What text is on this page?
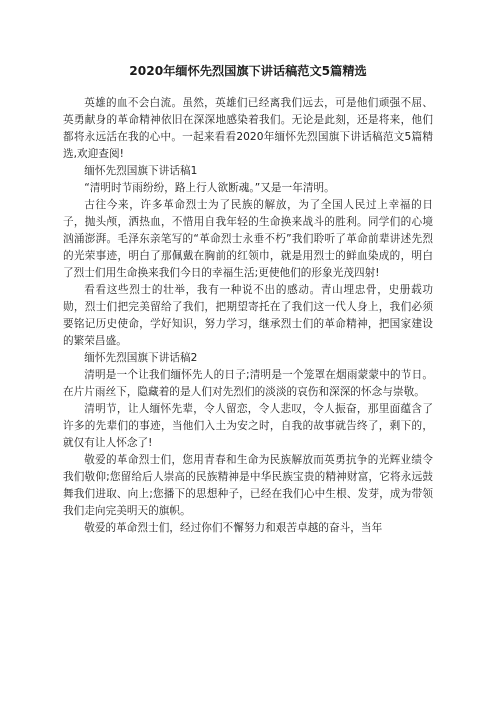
2020年缅怀先烈国旗下讲话稿范文5篇精选

英雄的血不会白流。虽然，英雄们已经离我们远去，可是他们顽强不屈、英勇献身的革命精神依旧在深深地感染着我们。无论是此刻，还是将来，他们都将永远活在我的心中。一起来看看2020年缅怀先烈国旗下讲话稿范文5篇精选,欢迎查阅!

缅怀先烈国旗下讲话稿1

“清明时节雨纷纷，路上行人欲断魂。”又是一年清明。

古往今来，许多革命烈士为了民族的解放，为了全国人民过上幸福的日子，抛头颅，洒热血，不惜用自我年轻的生命换来战斗的胜利。同学们的心境汹涌澎湃。毛泽东亲笔写的“革命烈士永垂不朽”我们聆听了革命前辈讲述先烈的光荣事迹，明白了那佩戴在胸前的红领巾，就是用烈士的鲜血染成的，明白了烈士们用生命换来我们今日的幸福生活;更使他们的形象光茂四射!

看看这些烈士的壮举，我有一种说不出的感动。青山埋忠骨，史册载功勋，烈士们把完美留给了我们，把期望寄托在了我们这一代人身上，我们必须要铭记历史使命，学好知识，努力学习，继承烈士们的革命精神，把国家建设的繁荣昌盛。

缅怀先烈国旗下讲话稿2

清明是一个让我们缅怀先人的日子;清明是一个笼罩在烟雨蒙蒙中的节日。在片片雨丝下，隐藏着的是人们对先烈们的淡淡的哀伤和深深的怀念与崇敬。

清明节，让人缅怀先辈，令人留恋，令人悲叹，令人振奋，那里面蕴含了许多的先辈们的事迹，当他们入土为安之时，自我的故事就告终了，剩下的，就仅有让人怀念了!

敬爱的革命烈士们，您用青春和生命为民族解放而英勇抗争的光辉业绩令我们敬仰;您留给后人崇高的民族精神是中华民族宝贵的精神财富，它将永远鼓舞我们进取、向上;您播下的思想种子，已经在我们心中生根、发芽，成为带领我们走向完美明天的旗帜。

敬爱的革命烈士们，经过你们不懈努力和艰苦卓越的奋斗，当年
